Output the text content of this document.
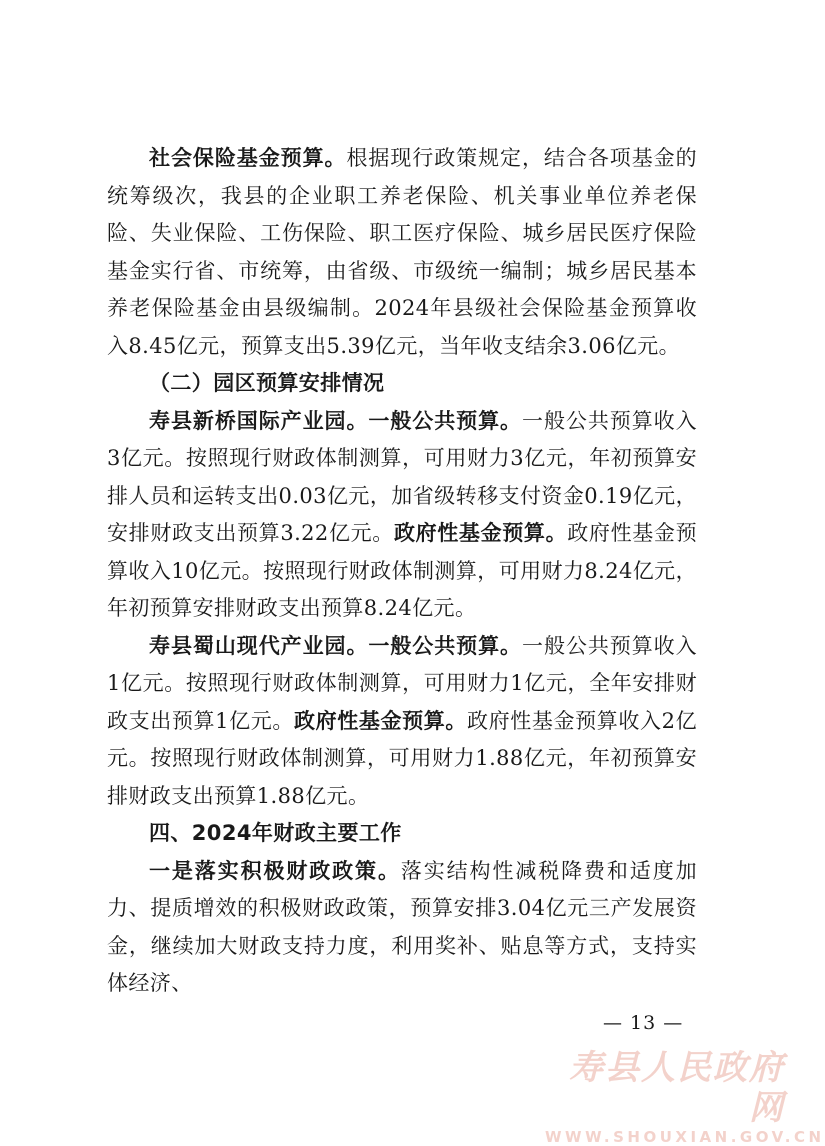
社会保险基金预算。根据现行政策规定，结合各项基金的统筹级次，我县的企业职工养老保险、机关事业单位养老保险、失业保险、工伤保险、职工医疗保险、城乡居民医疗保险基金实行省、市统筹，由省级、市级统一编制；城乡居民基本养老保险基金由县级编制。2024年县级社会保险基金预算收入8.45亿元，预算支出5.39亿元，当年收支结余3.06亿元。

（二）园区预算安排情况

寿县新桥国际产业园。一般公共预算。一般公共预算收入3亿元。按照现行财政体制测算，可用财力3亿元，年初预算安排人员和运转支出0.03亿元，加省级转移支付资金0.19亿元，安排财政支出预算3.22亿元。政府性基金预算。政府性基金预算收入10亿元。按照现行财政体制测算，可用财力8.24亿元，年初预算安排财政支出预算8.24亿元。

寿县蜀山现代产业园。一般公共预算。一般公共预算收入1亿元。按照现行财政体制测算，可用财力1亿元，全年安排财政支出预算1亿元。政府性基金预算。政府性基金预算收入2亿元。按照现行财政体制测算，可用财力1.88亿元，年初预算安排财政支出预算1.88亿元。

四、2024年财政主要工作

一是落实积极财政政策。落实结构性减税降费和适度加力、提质增效的积极财政政策，预算安排3.04亿元三产发展资金，继续加大财政支持力度，利用奖补、贴息等方式，支持实体经济、

— 13 —
寿县人民政府网
WWW.SHOUXIAN.GOV.CN
